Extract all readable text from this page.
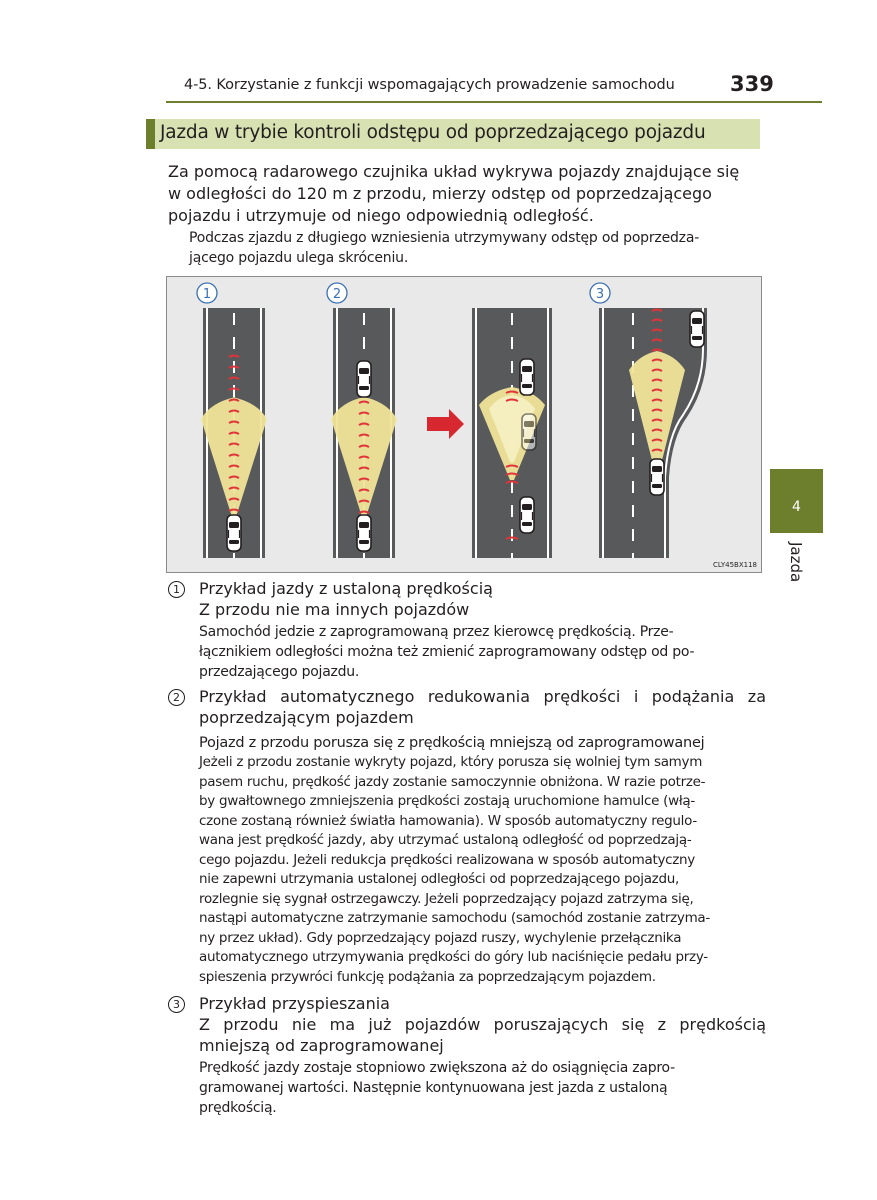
4-5. Korzystanie z funkcji wspomagających prowadzenie samochodu	339
Jazda w trybie kontroli odstępu od poprzedzającego pojazdu
Za pomocą radarowego czujnika układ wykrywa pojazdy znajdujące się
w odległości do 120 m z przodu, mierzy odstęp od poprzedzającego
pojazdu i utrzymuje od niego odpowiednią odległość.
Podczas zjazdu z długiego wzniesienia utrzymywany odstęp od poprzedza-
jącego pojazdu ulega skróceniu.
1	2	3
CLY45BX118
1	Przykład jazdy z ustaloną prędkością
Z przodu nie ma innych pojazdów
Samochód jedzie z zaprogramowaną przez kierowcę prędkością. Prze-
łącznikiem odległości można też zmienić zaprogramowany odstęp od po-
przedzającego pojazdu.
2	Przykład automatycznego redukowania prędkości i podążania za
poprzedzającym pojazdem
Pojazd z przodu porusza się z prędkością mniejszą od zaprogramowanej
Jeżeli z przodu zostanie wykryty pojazd, który porusza się wolniej tym samym
pasem ruchu, prędkość jazdy zostanie samoczynnie obniżona. W razie potrze-
by gwałtownego zmniejszenia prędkości zostają uruchomione hamulce (włą-
czone zostaną również światła hamowania). W sposób automatyczny regulo-
wana jest prędkość jazdy, aby utrzymać ustaloną odległość od poprzedzają-
cego pojazdu. Jeżeli redukcja prędkości realizowana w sposób automatyczny
nie zapewni utrzymania ustalonej odległości od poprzedzającego pojazdu,
rozlegnie się sygnał ostrzegawczy. Jeżeli poprzedzający pojazd zatrzyma się,
nastąpi automatyczne zatrzymanie samochodu (samochód zostanie zatrzyma-
ny przez układ). Gdy poprzedzający pojazd ruszy, wychylenie przełącznika
automatycznego utrzymywania prędkości do góry lub naciśnięcie pedału przy-
spieszenia przywróci funkcję podążania za poprzedzającym pojazdem.
3	Przykład przyspieszania
Z przodu nie ma już pojazdów poruszających się z prędkością
mniejszą od zaprogramowanej
Prędkość jazdy zostaje stopniowo zwiększona aż do osiągnięcia zapro-
gramowanej wartości. Następnie kontynuowana jest jazda z ustaloną
prędkością.
4
Jazda
